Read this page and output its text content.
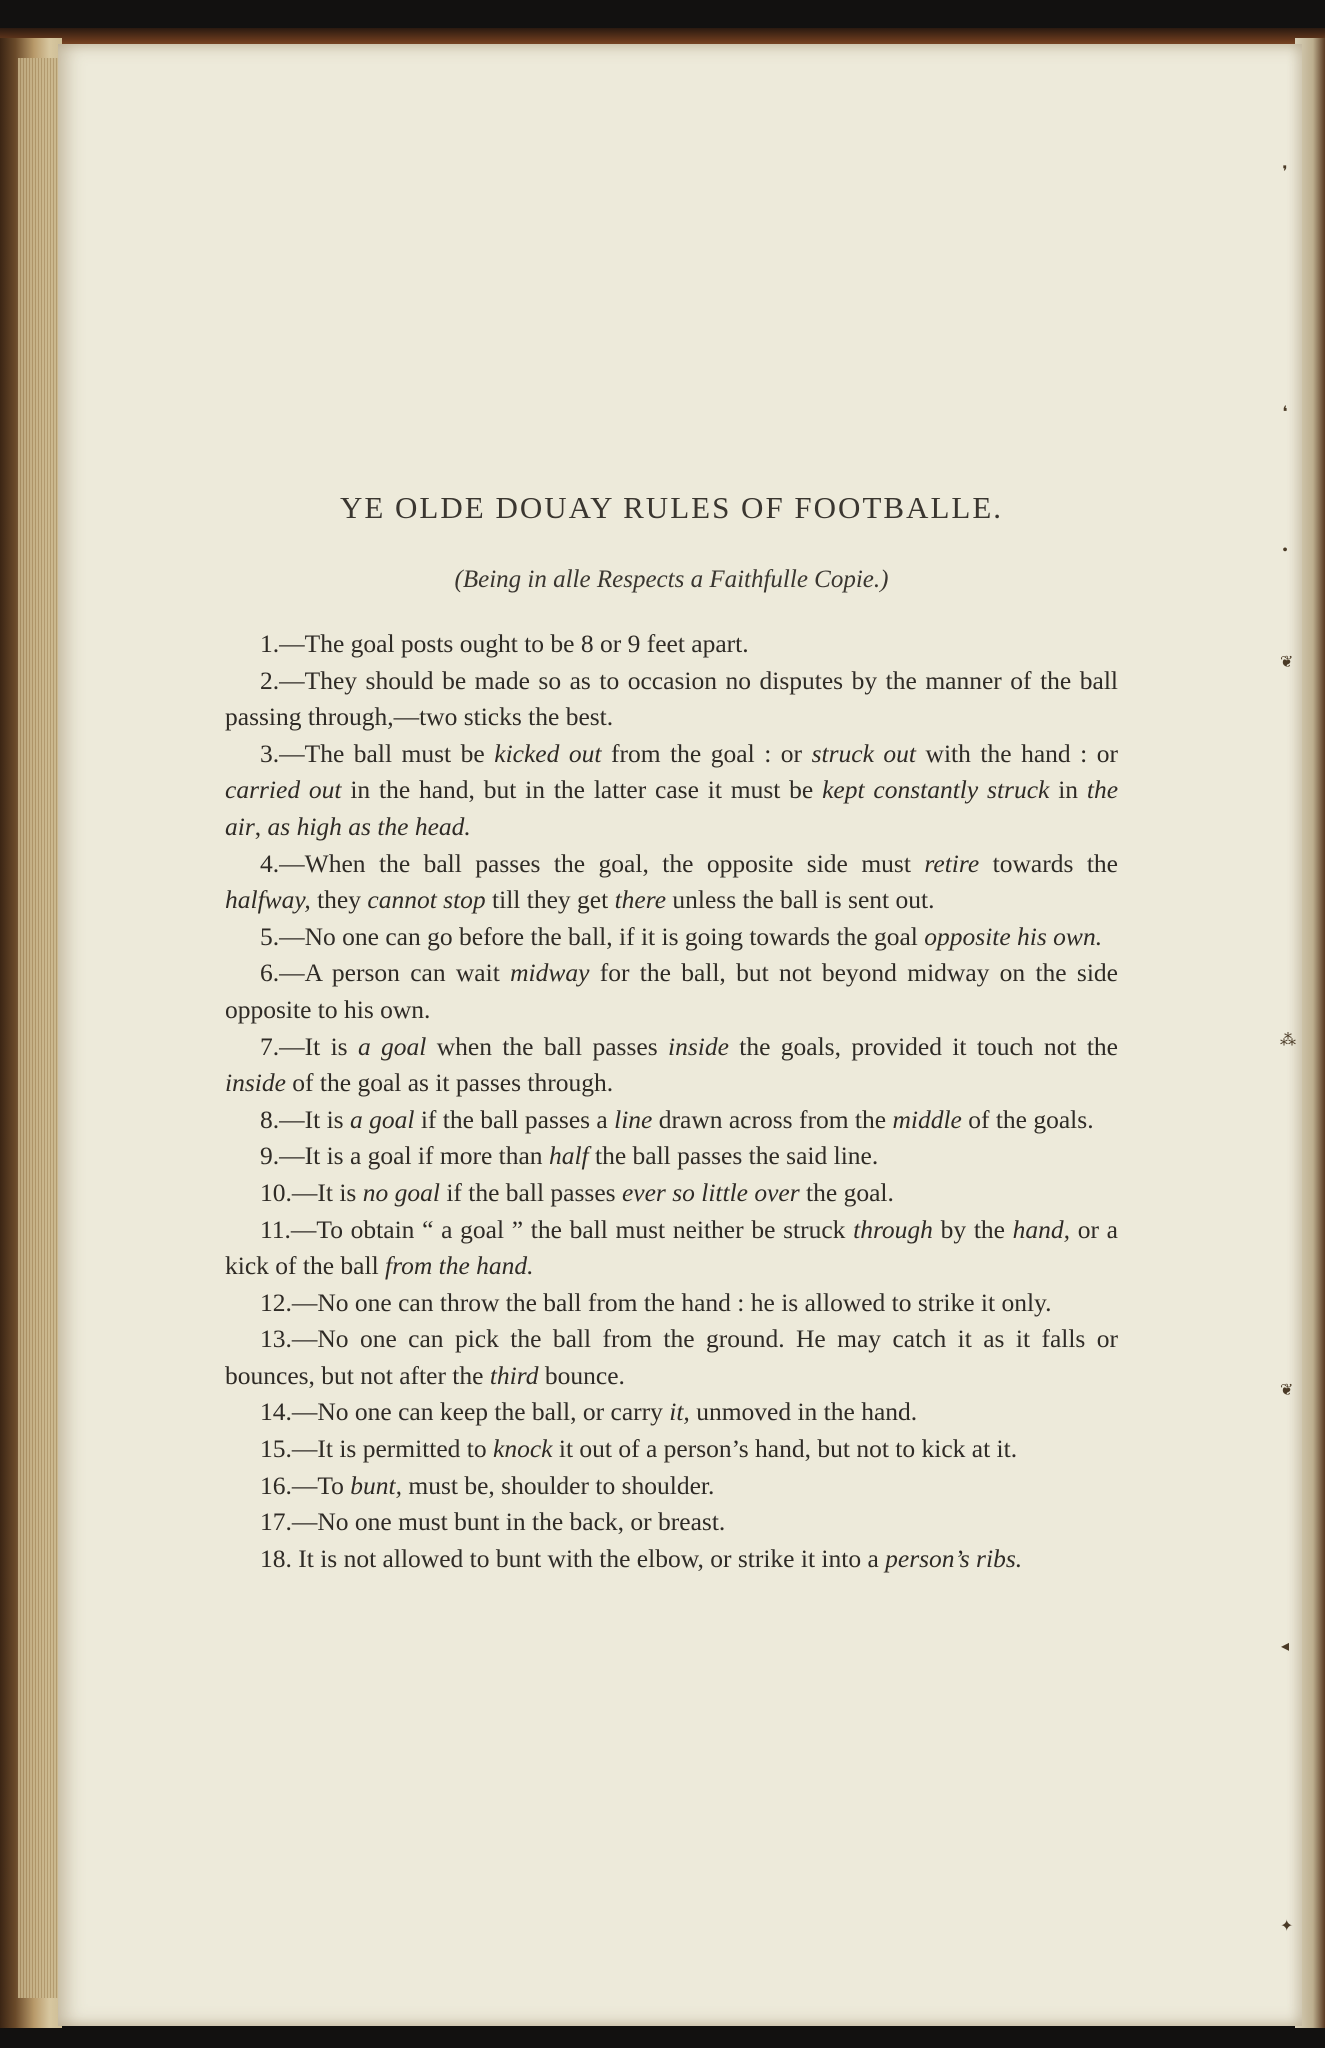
❜
❛
•
❦
⁂
❦
◂
✦
YE OLDE DOUAY RULES OF FOOTBALLE.

(Being in alle Respects a Faithfulle Copie.)

1.—The goal posts ought to be 8 or 9 feet apart.

2.—They should be made so as to occasion no disputes by the manner of the ball passing through,—two sticks the best.

3.—The ball must be kicked out from the goal : or struck out with the hand : or carried out in the hand, but in the latter case it must be kept constantly struck in the air, as high as the head.

4.—When the ball passes the goal, the opposite side must retire towards the halfway, they cannot stop till they get there unless the ball is sent out.

5.—No one can go before the ball, if it is going towards the goal opposite his own.

6.—A person can wait midway for the ball, but not beyond midway on the side opposite to his own.

7.—It is a goal when the ball passes inside the goals, provided it touch not the inside of the goal as it passes through.

8.—It is a goal if the ball passes a line drawn across from the middle of the goals.

9.—It is a goal if more than half the ball passes the said line.

10.—It is no goal if the ball passes ever so little over the goal.

11.—To obtain “ a goal ” the ball must neither be struck through by the hand, or a kick of the ball from the hand.

12.—No one can throw the ball from the hand : he is allowed to strike it only.

13.—No one can pick the ball from the ground. He may catch it as it falls or bounces, but not after the third bounce.

14.—No one can keep the ball, or carry it, unmoved in the hand.

15.—It is permitted to knock it out of a person’s hand, but not to kick at it.

16.—To bunt, must be, shoulder to shoulder.

17.—No one must bunt in the back, or breast.

18. It is not allowed to bunt with the elbow, or strike it into a person’s ribs.
